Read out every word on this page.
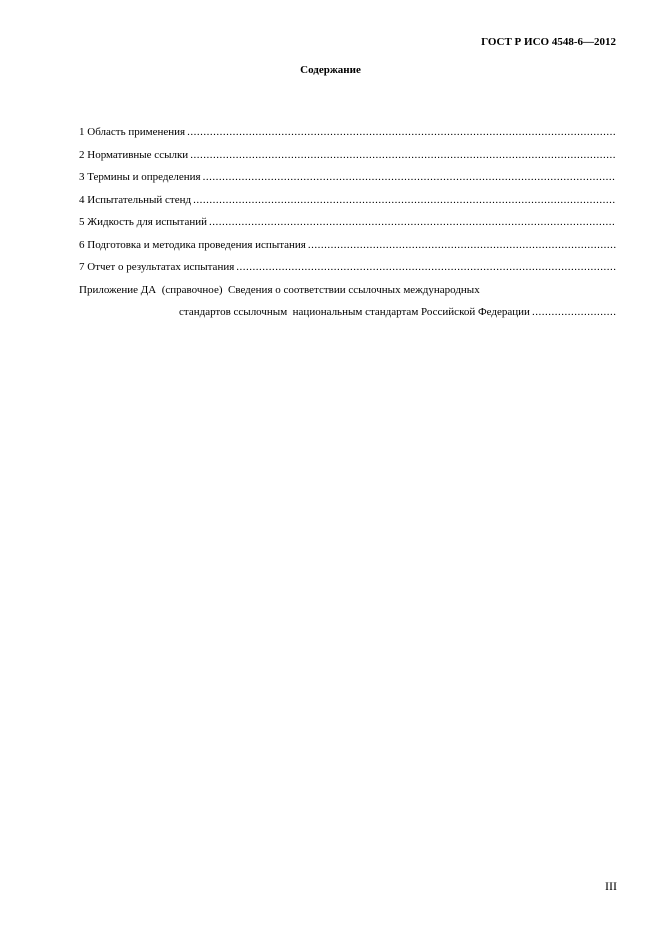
ГОСТ Р ИСО 4548-6—2012
Содержание
1 Область применения
.....
2 Нормативные ссылки
.....
3 Термины и определения
.....
4 Испытательный стенд
.....
5 Жидкость для испытаний
.....
6 Подготовка и методика проведения испытания
.....
7 Отчет о результатах испытания
.....
Приложение ДА  (справочное)  Сведения о соответствии ссылочных международных
стандартов ссылочным  национальным стандартам Российской Федерации
.....
III
